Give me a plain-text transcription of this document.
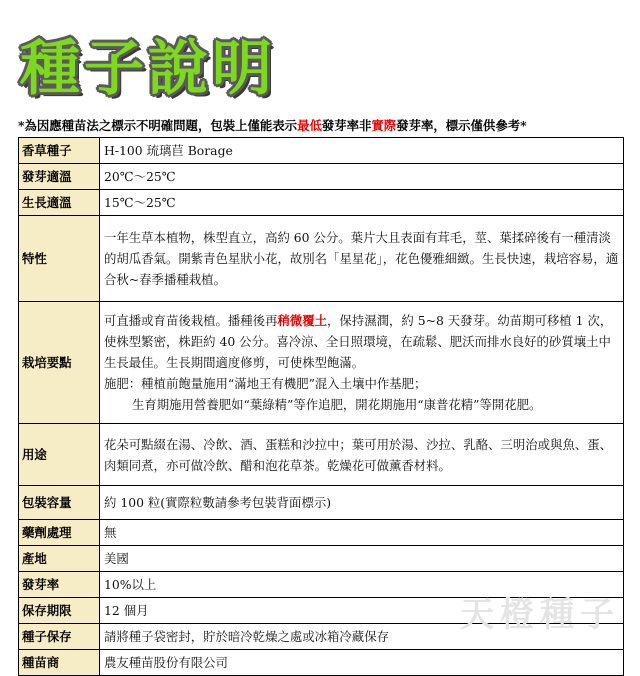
種子說明
*為因應種苗法之標示不明確問題，包裝上僅能表示最低發芽率非實際發芽率，標示僅供參考*
香草種子	H-100 琉璃苣 Borage
發芽適溫	20℃～25℃
生長適溫	15℃～25℃
特性	一年生草本植物，株型直立，高約 60 公分。葉片大且表面有茸毛，莖、葉揉碎後有一種清淡的胡瓜香氣。開紫青色星狀小花，故別名「星星花」，花色優雅細緻。生長快速，栽培容易，適合秋~春季播種栽植。
栽培要點	可直播或育苗後栽植。播種後再稍微覆土，保持濕潤，約 5~8 天發芽。幼苗期可移植 1 次，使株型繁密，株距約 40 公分。喜冷涼、全日照環境，在疏鬆、肥沃而排水良好的砂質壤土中生長最佳。生長期間適度修剪，可使株型飽滿。
施肥：種植前飽量施用“滿地王有機肥”混入土壤中作基肥；
生育期施用營養肥如“葉綠精”等作追肥，開花期施用“康普花精”等開花肥。

用途	花朵可點綴在湯、冷飲、酒、蛋糕和沙拉中；葉可用於湯、沙拉、乳酪、三明治或與魚、蛋、肉類同煮，亦可做冷飲、醋和泡花草茶。乾燥花可做薰香材料。
包裝容量	約 100 粒(實際粒數請參考包裝背面標示)
藥劑處理	無
產地	美國
發芽率	10%以上
保存期限	12 個月
種子保存	請將種子袋密封，貯於暗冷乾燥之處或冰箱冷藏保存
種苗商	農友種苗股份有限公司
天橙種子
